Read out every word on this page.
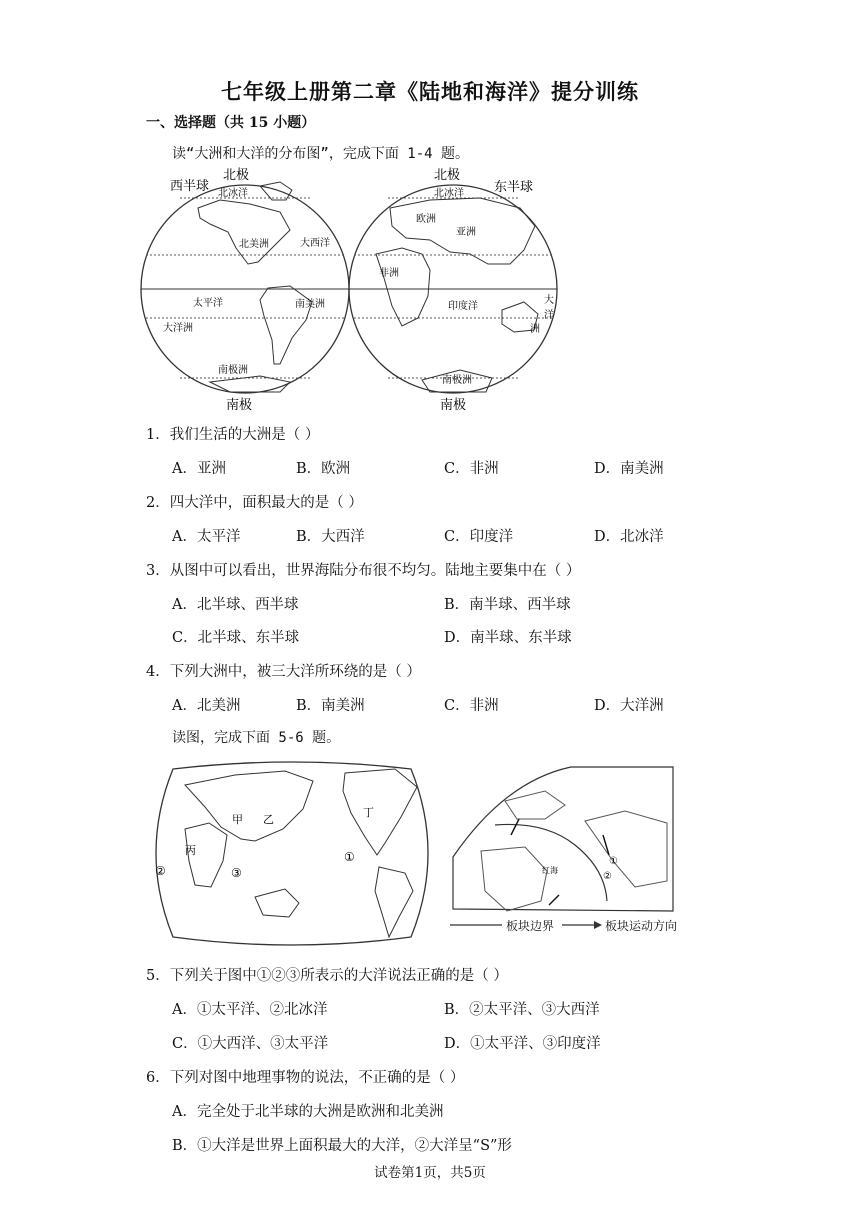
七年级上册第二章《陆地和海洋》提分训练
一、选择题（共 15 小题）
读“大洲和大洋的分布图”，完成下面 1-4 题。
西半球
北极
北冰洋
北美洲	大西洋
太平洋
大洋洲
南美洲
南极洲
南极
北极
东半球
北冰洋
欧洲
亚洲
非洲
印度洋
大
洋
洲
南极洲
南极
1．我们生活的大洲是（ ）
A．亚洲	B．欧洲	C．非洲	D．南美洲
2．四大洋中，面积最大的是（ ）
A．太平洋	B．大西洋	C．印度洋	D．北冰洋
3．从图中可以看出，世界海陆分布很不均匀。陆地主要集中在（ ）
A．北半球、西半球	B．南半球、西半球
C．北半球、东半球	D．南半球、东半球
4．下列大洲中，被三大洋所环绕的是（ ）
A．北美洲	B．南美洲	C．非洲	D．大洋洲
读图，完成下面 5-6 题。
甲 乙
丙
丁
①
②	③	红海
①
②
板块边界	板块运动方向
5．下列关于图中①②③所表示的大洋说法正确的是（ ）
A．①太平洋、②北冰洋	B．②太平洋、③大西洋
C．①大西洋、③太平洋	D．①太平洋、③印度洋
6．下列对图中地理事物的说法，不正确的是（ ）
A．完全处于北半球的大洲是欧洲和北美洲
B．①大洋是世界上面积最大的大洋，②大洋呈“S”形
试卷第1页，共5页
